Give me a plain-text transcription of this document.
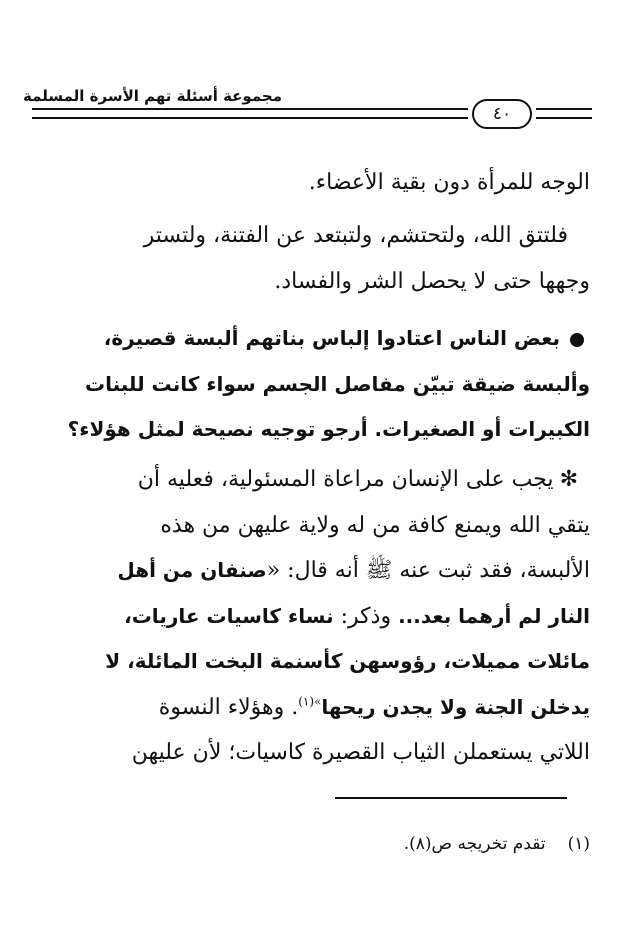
مجموعة أسئلة تهم الأسرة المسلمة
٤٠
الوجه للمرأة دون بقية الأعضاء.
فلتتق الله، ولتحتشم، ولتبتعد عن الفتنة، ولتستر
وجهها حتى لا يحصل الشر والفساد.
بعض الناس اعتادوا إلباس بناتهم ألبسة قصيرة،
وألبسة ضيقة تبيّن مفاصل الجسم سواء كانت للبنات
الكبيرات أو الصغيرات. أرجو توجيه نصيحة لمثل هؤلاء؟
✻يجب على الإنسان مراعاة المسئولية، فعليه أن
يتقي الله ويمنع كافة من له ولاية عليهن من هذه
الألبسة، فقد ثبت عنه ﷺ أنه قال: «صنفان من أهل
النار لم أرهما بعد... وذكر: نساء كاسيات عاريات،
مائلات مميلات، رؤوسهن كأسنمة البخت المائلة، لا
يدخلن الجنة ولا يجدن ريحها$^{»(١)}$. وهؤلاء النسوة
اللاتي يستعملن الثياب القصيرة كاسيات؛ لأن عليهن
(١)تقدم تخريجه ص(٨).
